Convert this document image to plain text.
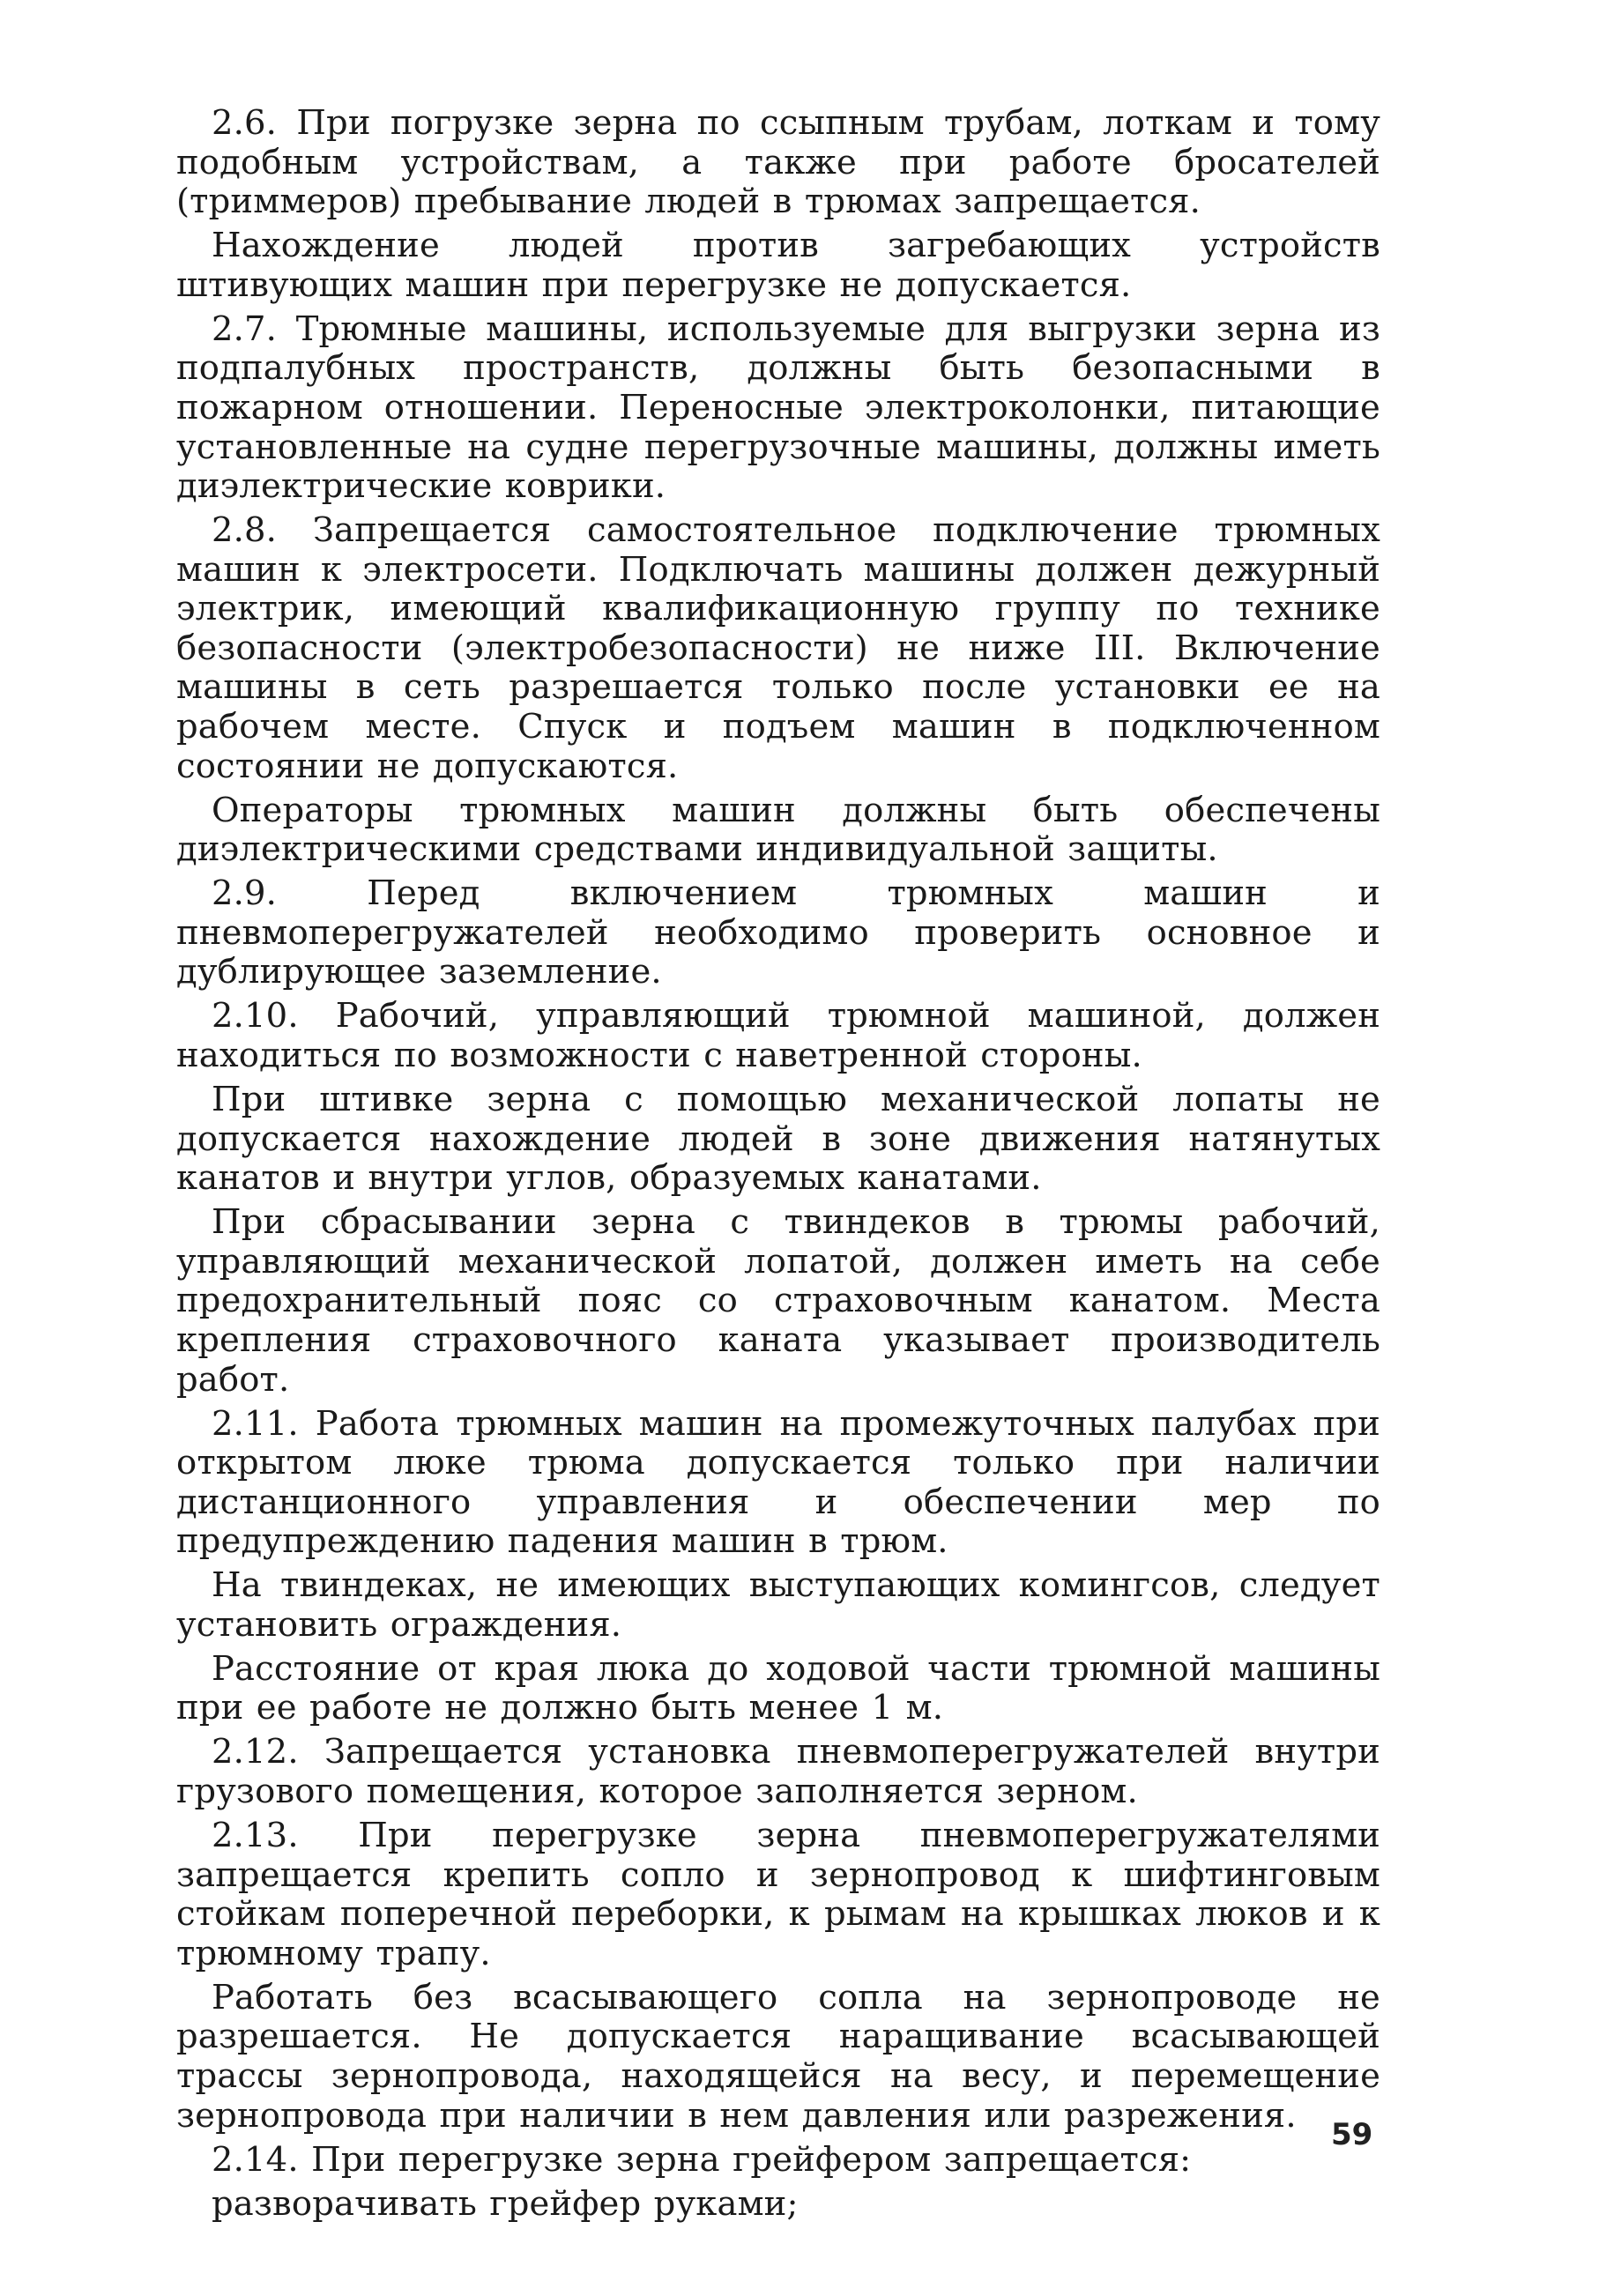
2.6. При погрузке зерна по ссыпным трубам, лоткам и тому подобным устройствам, а также при работе бросателей (триммеров) пребывание людей в трюмах запрещается.

Нахождение людей против загребающих устройств штивующих машин при перегрузке не допускается.

2.7. Трюмные машины, используемые для выгрузки зерна из подпалубных пространств, должны быть безопасными в пожарном отношении. Переносные электроколонки, питающие установленные на судне перегрузочные машины, должны иметь диэлектрические коврики.

2.8. Запрещается самостоятельное подключение трюмных машин к электросети. Подключать машины должен дежурный электрик, имеющий квалификационную группу по технике безопасности (электробезопасности) не ниже III. Включение машины в сеть разрешается только после установки ее на рабочем месте. Спуск и подъем машин в подключенном состоянии не допускаются.

Операторы трюмных машин должны быть обеспечены диэлектрическими средствами индивидуальной защиты.

2.9. Перед включением трюмных машин и пневмоперегружателей необходимо проверить основное и дублирующее заземление.

2.10. Рабочий, управляющий трюмной машиной, должен находиться по возможности с наветренной стороны.

При штивке зерна с помощью механической лопаты не допускается нахождение людей в зоне движения натянутых канатов и внутри углов, образуемых канатами.

При сбрасывании зерна с твиндеков в трюмы рабочий, управляющий механической лопатой, должен иметь на себе предохранительный пояс со страховочным канатом. Места крепления страховочного каната указывает производитель работ.

2.11. Работа трюмных машин на промежуточных палубах при открытом люке трюма допускается только при наличии дистанционного управления и обеспечении мер по предупреждению падения машин в трюм.

На твиндеках, не имеющих выступающих комингсов, следует установить ограждения.

Расстояние от края люка до ходовой части трюмной машины при ее работе не должно быть менее 1 м.

2.12. Запрещается установка пневмоперегружателей внутри грузового помещения, которое заполняется зерном.

2.13. При перегрузке зерна пневмоперегружателями запрещается крепить сопло и зернопровод к шифтинговым стойкам поперечной переборки, к рымам на крышках люков и к трюмному трапу.

Работать без всасывающего сопла на зернопроводе не разрешается. Не допускается наращивание всасывающей трассы зернопровода, находящейся на весу, и перемещение зернопровода при наличии в нем давления или разрежения.

2.14. При перегрузке зерна грейфером запрещается:

разворачивать грейфер руками;

59
